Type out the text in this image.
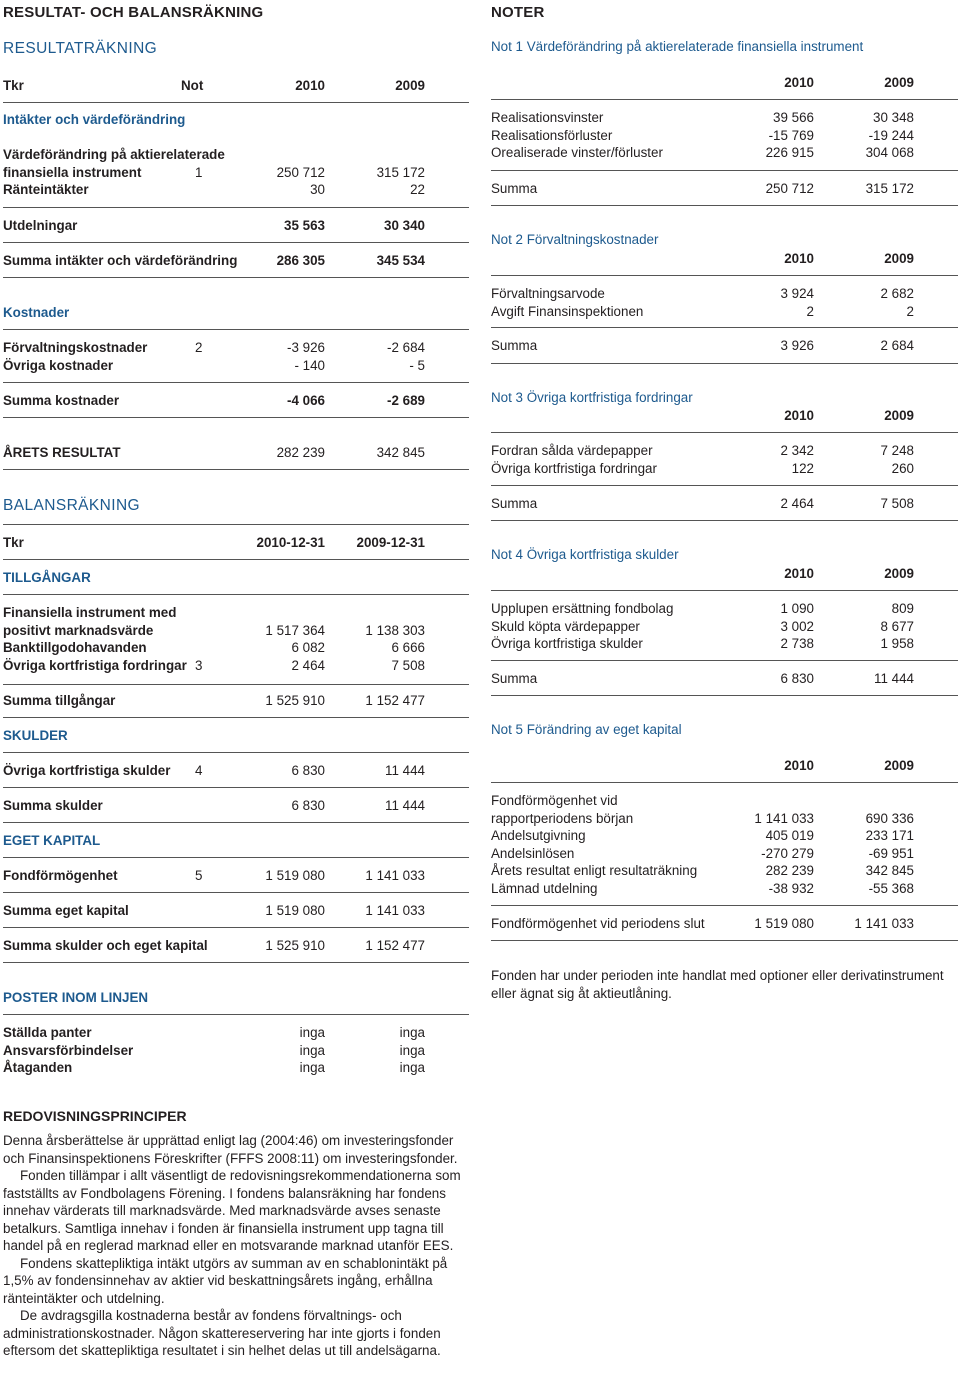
RESULTAT- OCH BALANSRÄKNING
RESULTATRÄKNING
Tkr	Not	2010	2009
Intäkter och värdeförändring
Värdeförändring på aktierelaterade
finansiella instrument	1	250 712	315 172
Ränteintäkter	30	22
Utdelningar	35 563	30 340
Summa intäkter och värdeförändring	286 305	345 534
Kostnader
Förvaltningskostnader	2	-3 926	-2 684
Övriga kostnader	- 140	- 5
Summa kostnader	-4 066	-2 689
ÅRETS RESULTAT	282 239	342 845
BALANSRÄKNING
Tkr	2010-12-31 2009-12-31
TILLGÅNGAR
Finansiella instrument med
positivt marknadsvärde	1 517 364	1 138 303
Banktillgodohavanden	6 082	6 666
Övriga kortfristiga fordringar 3	2 464	7 508
Summa tillgångar	1 525 910	1 152 477
SKULDER
Övriga kortfristiga skulder 4	6 830	11 444
Summa skulder	6 830	11 444
EGET KAPITAL
Fondförmögenhet	5	1 519 080	1 141 033
Summa eget kapital	1 519 080	1 141 033
Summa skulder och eget kapital	1 525 910	1 152 477
POSTER INOM LINJEN
Ställda panter	inga	inga
Ansvarsförbindelser	inga	inga
Åtaganden	inga	inga
NOTER
Not 1 Värdeförändring på aktierelaterade finansiella instrument
2010	2009
Realisationsvinster	39 566	30 348
Realisationsförluster	-15 769	-19 244
Orealiserade vinster/förluster	226 915	304 068
Summa	250 712	315 172
Not 2 Förvaltningskostnader
2010	2009
Förvaltningsarvode	3 924	2 682
Avgift Finansinspektionen	2	2
Summa	3 926	2 684
Not 3 Övriga kortfristiga fordringar
2010	2009
Fordran sålda värdepapper	2 342	7 248
Övriga kortfristiga fordringar	122	260
Summa	2 464	7 508
Not 4 Övriga kortfristiga skulder
2010	2009
Upplupen ersättning fondbolag	1 090	809
Skuld köpta värdepapper	3 002	8 677
Övriga kortfristiga skulder	2 738	1 958
Summa	6 830	11 444
Not 5 Förändring av eget kapital
2010	2009
Fondförmögenhet vid
rapportperiodens början	1 141 033	690 336
Andelsutgivning	405 019	233 171
Andelsinlösen	-270 279	-69 951
Årets resultat enligt resultaträkning	282 239	342 845
Lämnad utdelning	-38 932	-55 368
Fondförmögenhet vid periodens slut	1 519 080	1 141 033
Fonden har under perioden inte handlat med optioner eller derivatinstrument eller ägnat sig åt aktieutlåning.
REDOVISNINGSPRINCIPER

Denna årsberättelse är upprättad enligt lag (2004:46) om investeringsfonder och Finansinspektionens Föreskrifter (FFFS 2008:11) om investeringsfonder.

Fonden tillämpar i allt väsentligt de redovisningsrekommendationerna som fastställts av Fondbolagens Förening. I fondens balansräkning har fondens innehav värderats till marknadsvärde. Med marknadsvärde avses senaste betalkurs. Samtliga innehav i fonden är finansiella instrument upp tagna till handel på en reglerad marknad eller en motsvarande marknad utanför EES.

Fondens skattepliktiga intäkt utgörs av summan av en schablonintäkt på 1,5% av fondensinnehav av aktier vid beskattningsårets ingång, erhållna ränteintäkter och utdelning.

De avdragsgilla kostnaderna består av fondens förvaltnings- och administrationskostnader. Någon skattereservering har inte gjorts i fonden eftersom det skattepliktiga resultatet i sin helhet delas ut till andelsägarna.
